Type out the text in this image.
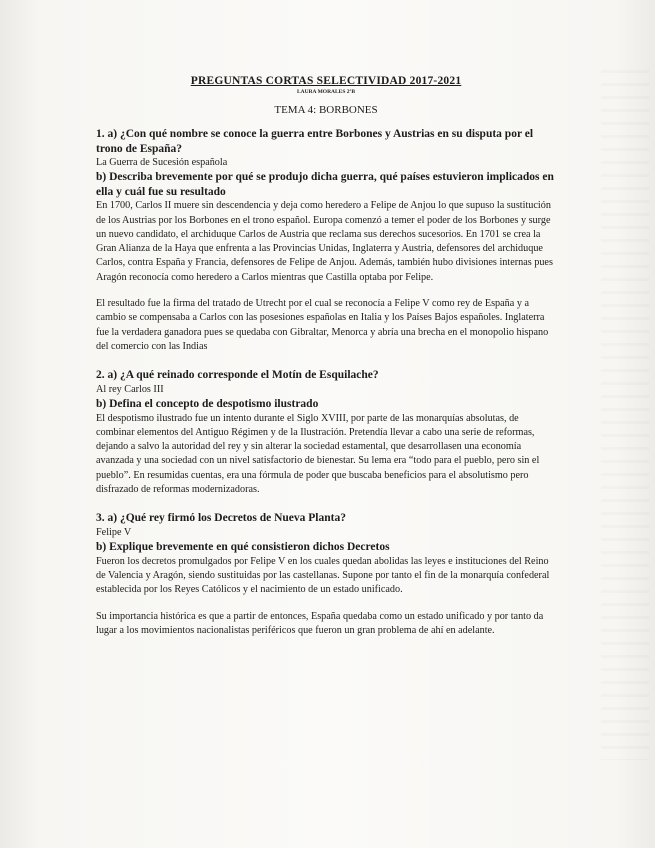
PREGUNTAS CORTAS SELECTIVIDAD 2017-2021

LAURA MORALES 2ºB

TEMA 4: BORBONES

1. a) ¿Con qué nombre se conoce la guerra entre Borbones y Austrias en su disputa por el trono de España?

La Guerra de Sucesión española

b) Describa brevemente por qué se produjo dicha guerra, qué países estuvieron implicados en ella y cuál fue su resultado

En 1700, Carlos II muere sin descendencia y deja como heredero a Felipe de Anjou lo que supuso la sustitución de los Austrias por los Borbones en el trono español. Europa comenzó a temer el poder de los Borbones y surge un nuevo candidato, el archiduque Carlos de Austria que reclama sus derechos sucesorios. En 1701 se crea la Gran Alianza de la Haya que enfrenta a las Provincias Unidas, Inglaterra y Austria, defensores del archiduque Carlos, contra España y Francia, defensores de Felipe de Anjou. Además, también hubo divisiones internas pues Aragón reconocía como heredero a Carlos mientras que Castilla optaba por Felipe.

El resultado fue la firma del tratado de Utrecht por el cual se reconocía a Felipe V como rey de España y a cambio se compensaba a Carlos con las posesiones españolas en Italia y los Países Bajos españoles. Inglaterra fue la verdadera ganadora pues se quedaba con Gibraltar, Menorca y abría una brecha en el monopolio hispano del comercio con las Indias

2. a) ¿A qué reinado corresponde el Motín de Esquilache?

Al rey Carlos III

b) Defina el concepto de despotismo ilustrado

El despotismo ilustrado fue un intento durante el Siglo XVIII, por parte de las monarquías absolutas, de combinar elementos del Antiguo Régimen y de la Ilustración. Pretendía llevar a cabo una serie de reformas, dejando a salvo la autoridad del rey y sin alterar la sociedad estamental, que desarrollasen una economía avanzada y una sociedad con un nivel satisfactorio de bienestar. Su lema era “todo para el pueblo, pero sin el pueblo”. En resumidas cuentas, era una fórmula de poder que buscaba beneficios para el absolutismo pero disfrazado de reformas modernizadoras.

3. a) ¿Qué rey firmó los Decretos de Nueva Planta?

Felipe V

b) Explique brevemente en qué consistieron dichos Decretos

Fueron los decretos promulgados por Felipe V en los cuales quedan abolidas las leyes e instituciones del Reino de Valencia y Aragón, siendo sustituidas por las castellanas. Supone por tanto el fin de la monarquía confederal establecida por los Reyes Católicos y el nacimiento de un estado unificado.

Su importancia histórica es que a partir de entonces, España quedaba como un estado unificado y por tanto da lugar a los movimientos nacionalistas periféricos que fueron un gran problema de ahí en adelante.
